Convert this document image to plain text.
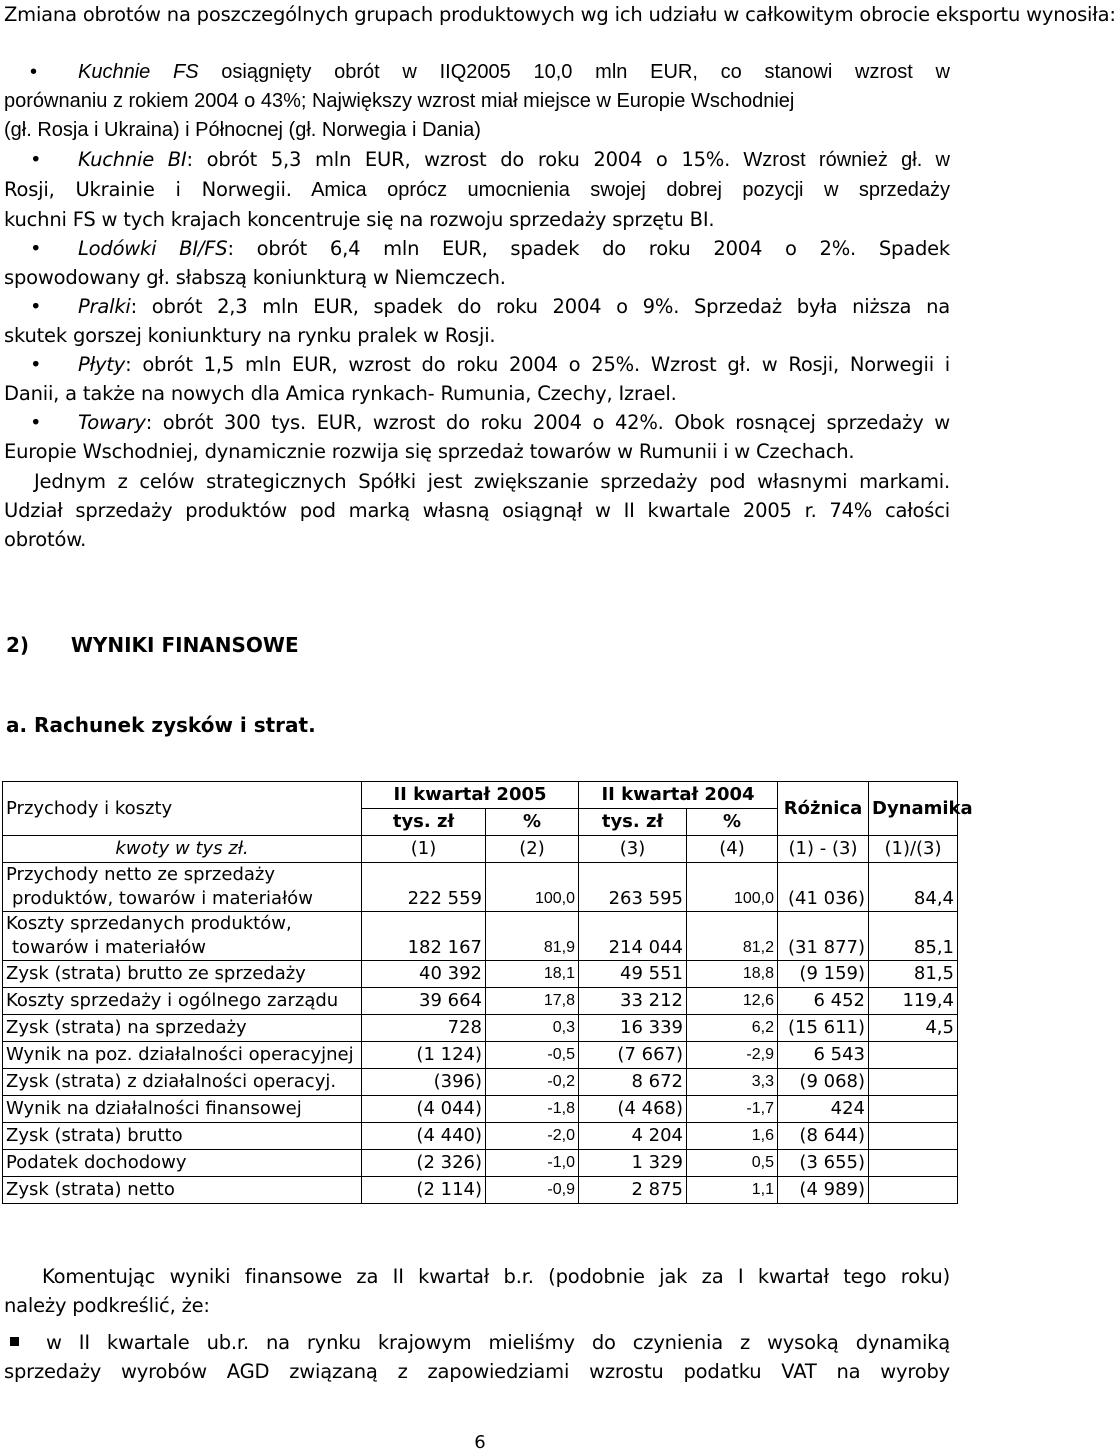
Zmiana obrotów na poszczególnych grupach produktowych wg ich udziału w całkowitym obrocie eksportu wynosiła:
•Kuchnie FS osiągnięty obrót w IIQ2005 10,0 mln EUR, co stanowi wzrost w
porównaniu z rokiem 2004 o 43%; Największy wzrost miał miejsce w Europie Wschodniej
(gł. Rosja i Ukraina) i Północnej (gł. Norwegia i Dania)
•Kuchnie BI: obrót 5,3 mln EUR, wzrost do roku 2004 o 15%. Wzrost również gł. w
Rosji, Ukrainie i Norwegii. Amica oprócz umocnienia swojej dobrej pozycji w sprzedaży
kuchni FS w tych krajach koncentruje się na rozwoju sprzedaży sprzętu BI.
•Lodówki BI/FS: obrót 6,4 mln EUR, spadek do roku 2004 o 2%. Spadek
spowodowany gł. słabszą koniunkturą w Niemczech.
•Pralki: obrót 2,3 mln EUR, spadek do roku 2004 o 9%. Sprzedaż była niższa na
skutek gorszej koniunktury na rynku pralek w Rosji.
•Płyty: obrót 1,5 mln EUR, wzrost do roku 2004 o 25%. Wzrost gł. w Rosji, Norwegii i
Danii, a także na nowych dla Amica rynkach- Rumunia, Czechy, Izrael.
•Towary: obrót 300 tys. EUR, wzrost do roku 2004 o 42%. Obok rosnącej sprzedaży w
Europie Wschodniej, dynamicznie rozwija się sprzedaż towarów w Rumunii i w Czechach.
Jednym z celów strategicznych Spółki jest zwiększanie sprzedaży pod własnymi markami.
Udział sprzedaży produktów pod marką własną osiągnął w II kwartale 2005 r. 74% całości
obrotów.
2)      WYNIKI FINANSOWE
a. Rachunek zysków i strat.
Przychody i koszty	II kwartał 2005		II kwartał 2004		Różnica	Dynamika
	tys. zł	%	tys. zł	%		
kwoty w tys zł.	(1)	(2)	(3)	(4)	(1) - (3)	(1)/(3)

Przychody netto ze sprzedaży
produktów, towarów i materiałów	222 559	100,0	263 595	100,0	(41 036)	84,4

Koszty sprzedanych produktów,
towarów i materiałów	182 167	81,9	214 044	81,2	(31 877)	85,1
Zysk (strata) brutto ze sprzedaży	40 392	18,1	49 551	18,8	(9 159)	81,5
Koszty sprzedaży i ogólnego zarządu	39 664	17,8	33 212	12,6	6 452	119,4
Zysk (strata) na sprzedaży	728	0,3	16 339	6,2	(15 611)	4,5
Wynik na poz. działalności operacyjnej	(1 124)	-0,5	(7 667)	-2,9	6 543	
Zysk (strata) z działalności operacyj.	(396)	-0,2	8 672	3,3	(9 068)	
Wynik na działalności finansowej	(4 044)	-1,8	(4 468)	-1,7	424	
Zysk (strata) brutto	(4 440)	-2,0	4 204	1,6	(8 644)	
Podatek dochodowy	(2 326)	-1,0	1 329	0,5	(3 655)	
Zysk (strata) netto	(2 114)	-0,9	2 875	1,1	(4 989)	
Komentując wyniki finansowe za II kwartał b.r. (podobnie jak za I kwartał tego roku)
należy podkreślić, że:
w II kwartale ub.r. na rynku krajowym mieliśmy do czynienia z wysoką dynamiką
sprzedaży wyrobów AGD związaną z zapowiedziami wzrostu podatku VAT na wyroby
6
